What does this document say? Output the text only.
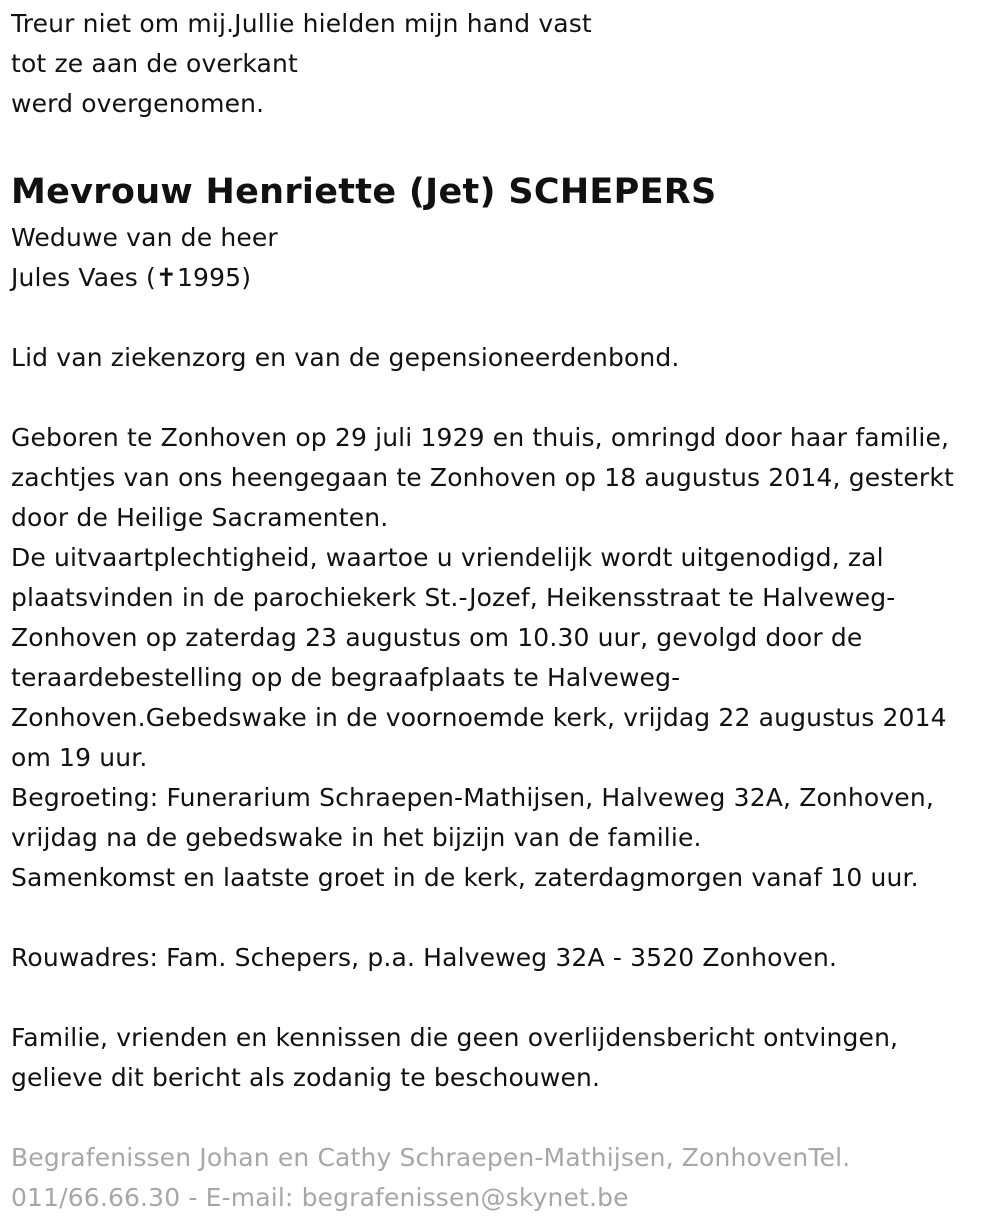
Treur niet om mij.Jullie hielden mijn hand vast
tot ze aan de overkant
werd overgenomen.
Mevrouw Henriette (Jet) SCHEPERS
Weduwe van de heer
Jules Vaes (✝1995)
Lid van ziekenzorg en van de gepensioneerdenbond.
Geboren te Zonhoven op 29 juli 1929 en thuis, omringd door haar familie,
zachtjes van ons heengegaan te Zonhoven op 18 augustus 2014, gesterkt
door de Heilige Sacramenten.
De uitvaartplechtigheid, waartoe u vriendelijk wordt uitgenodigd, zal
plaatsvinden in de parochiekerk St.-Jozef, Heikensstraat te Halveweg-
Zonhoven op zaterdag 23 augustus om 10.30 uur, gevolgd door de
teraardebestelling op de begraafplaats te Halveweg-
Zonhoven.Gebedswake in de voornoemde kerk, vrijdag 22 augustus 2014
om 19 uur.
Begroeting: Funerarium Schraepen-Mathijsen, Halveweg 32A, Zonhoven,
vrijdag na de gebedswake in het bijzijn van de familie.
Samenkomst en laatste groet in de kerk, zaterdagmorgen vanaf 10 uur.
Rouwadres: Fam. Schepers, p.a. Halveweg 32A - 3520 Zonhoven.
Familie, vrienden en kennissen die geen overlijdensbericht ontvingen,
gelieve dit bericht als zodanig te beschouwen.
Begrafenissen Johan en Cathy Schraepen-Mathijsen, ZonhovenTel.
011/66.66.30 - E-mail: begrafenissen@skynet.be
